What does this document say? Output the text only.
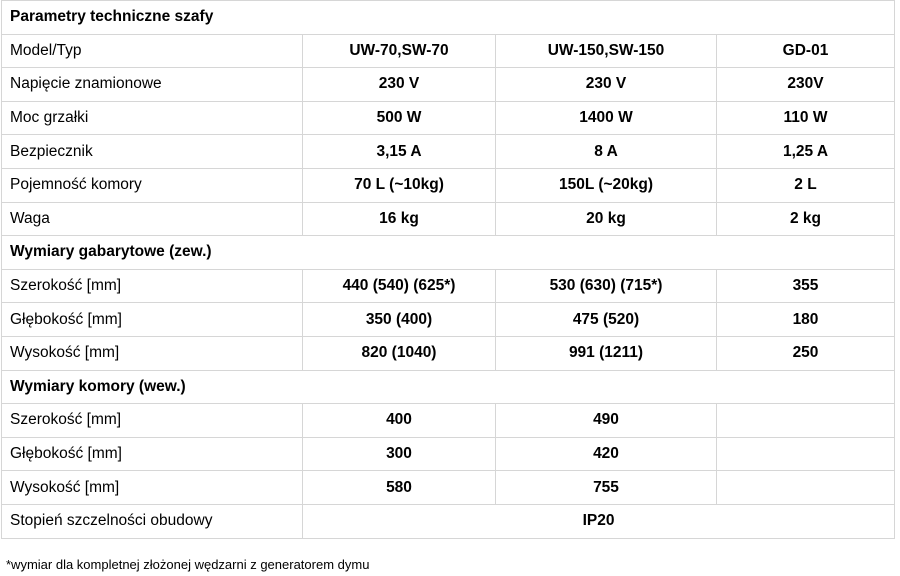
Parametry techniczne szafy			
Model/Typ	UW-70,SW-70	UW-150,SW-150	GD-01
Napięcie znamionowe	230 V	230 V	230V
Moc grzałki	500 W	1400 W	110 W
Bezpiecznik	3,15 A	8 A	1,25 A
Pojemność komory	70 L (~10kg)	150L (~20kg)	2 L
Waga	16 kg	20 kg	2 kg
Wymiary gabarytowe (zew.)			
Szerokość [mm]	440 (540) (625*)	530 (630) (715*)	355
Głębokość [mm]	350 (400)	475 (520)	180
Wysokość [mm]	820 (1040)	991 (1211)	250
Wymiary komory (wew.)			
Szerokość [mm]	400	490	
Głębokość [mm]	300	420	
Wysokość [mm]	580	755	
Stopień szczelności obudowy	IP20		
*wymiar dla kompletnej złożonej wędzarni z generatorem dymu
